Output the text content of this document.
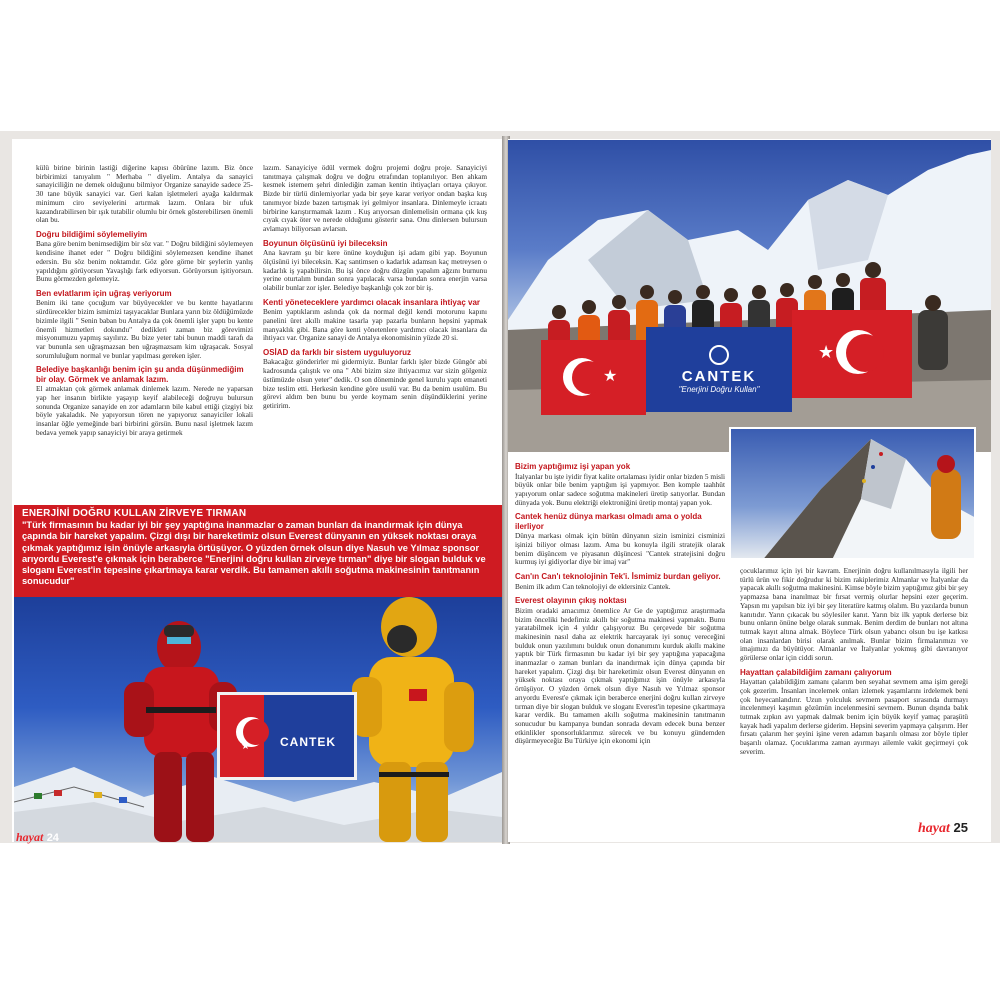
külü birine birinin lastiği diğerine kapısı öbürüne lazım. Biz önce birbirimizi tanıyalım " Merhaba " diyelim. Antalya da sanayici sanayiciliğin ne demek olduğunu bilmiyor Organize sanayide sadece 25- 30 tane büyük sanayici var. Geri kalan işletmeleri ayağa kaldırmak minimum ciro seviyelerini artırmak lazım. Onlara bir ufuk kazandırabilirsen bir ışık tutabilir olumlu bir örnek gösterebilirsen önemli olan bu.

Doğru bildiğimi söylemeliyim

Bana göre benim benimsediğim bir söz var. " Doğru bildiğini söylemeyen kendisine ihanet eder " Doğru bildiğini söylemezsen kendine ihanet edersin. Bu söz benim noktamdır. Göz göre görne bir şeylerin yanlış yapıldığını görüyorsun Yavaşlığı fark ediyorsun. Görüyorsun işitiyorsun. Bunu görmezden gelemeyiz.

Ben evlatlarım için uğraş veriyorum

Benim iki tane çocuğum var büyüyecekler ve bu kentte hayatlarını sürdürecekler bizim ismimizi taşıyacaklar Bunlara yarın biz öldüğümüzde bizimle ilgili " Senin baban bu Antalya da çok önemli işler yaptı bu kente önemli hizmetleri dokundu" dedikleri zaman biz görevimizi misyonumuzu yapmış sayılırız. Bu bize yeter tabi bunun maddi tarafı da var bununla sen uğraşmazsan ben uğraşmazsam kim uğraşacak. Sosyal sorumluluğum normal ve bunlar yapılması gereken işler.

Belediye başkanlığı benim için şu anda düşünmediğim bir olay. Görmek ve anlamak lazım.

El atmaktan çok görmek anlamak dinlemek lazım. Nerede ne yaparsan yap her insanın birlikte yaşayıp keyif alabileceği doğruyu bulursun sonunda Organize sanayide en zor adamların bile kabul ettiği çizgiyi biz böyle yakaladık. Ne yapıyorsun tören ne yapıyoruz sanayiciler lokali insanlar öğle yemeğinde bari birbirini görsün. Bunu nasıl işletmek lazım bedava yemek yapıp sanayiciyi bir araya getirmek

lazım. Sanayiciye ödül vermek doğru projemi doğru proje. Sanayiciyi tanıtmaya çalışmak doğru ve doğru etrafından toplanılıyor. Ben ahkam kesmek istemem şehri dinlediğin zaman kentin ihtiyaçları ortaya çıkıyor. Bizde bir türlü dinlemiyorlar yada bir şeye karar veriyor ondan başka kuş tanımıyor bizde bazen tartışmak iyi gelmiyor insanlara. Dinlemeyle icraatı birbirine karıştırmamak lazım . Kuş arıyorsan dinlemelisin ormana çık kuş cıyak cıyak öter ve nerede olduğunu gösterir sana. Onu dinlersen bulursun avlamayı biliyorsan avlarsın.

Boyunun ölçüsünü iyi bileceksin

Ana kavram şu bir kere önüne koyduğun işi adam gibi yap. Boyunun ölçüsünü iyi bileceksin. Kaç santimsen o kadarlık adamsın kaç metreysen o kadarlık iş yapabilirsin. Bu işi önce doğru düzgün yapalım ağzını burnunu yerine oturtalım bundan sonra yapılacak varsa bundan sonra enerjin varsa olabilir bunlar zor işler. Belediye başkanlığı çok zor bir iş.

Kenti yöneteceklere yardımcı olacak insanlara ihtiyaç var

Benim yaptıklarım aslında çok da normal değil kendi motorunu kapını panelini üret akıllı makine tasarla yap pazarla bunların hepsini yapmak manyaklık gibi. Bana göre kenti yönetenlere yardımcı olacak insanlara da ihtiyacı var. Organize sanayi de Antalya ekonomisinin yüzde 20 si.

OSİAD da farklı bir sistem uyguluyoruz

Bakacağız gönderirler mi gidermiyiz. Bunlar farklı işler bizde Güngör abi kadrosunda çalıştık ve ona " Abi bizim size ihtiyacımız var sizin gölgeniz üstümüzde olsun yeter" dedik. O son döneminde genel kurulu yaptı emaneti bize teslim etti. Herkesin kendine göre usulü var. Bu da benim usulüm. Bu görevi aldım ben bunu bu yerde koymam senin düşündüklerini yerine getiririm.

ENERJİNİ DOĞRU KULLAN ZİRVEYE TIRMAN
"Türk firmasının bu kadar iyi bir şey yaptığına inanmazlar o zaman bunları da inandırmak için dünya çapında bir hareket yapalım. Çizgi dışı bir hareketimiz olsun Everest dünyanın en yüksek noktası oraya çıkmak yaptığımız işin önüyle arkasıyla örtüşüyor. O yüzden örnek olsun diye Nasuh ve Yılmaz sponsor arıyordu Everest'e çıkmak için beraberce "Enerjini doğru kullan zirveye tırman" diye bir slogan bulduk ve sloganı Everest'in tepesine çıkartmaya karar verdik. Bu tamamen akıllı soğutma makinesinin tanıtmanın sonucudur"
★	CANTEK
hayat 24
★	CANTEK
"Enerjini Doğru Kullan"
★
Bizim yaptığımız işi yapan yok

İtalyanlar bu işte iyidir fiyat kalite ortalaması iyidir onlar bizden 5 misli büyük onlar bile benim yaptığım işi yapmıyor. Ben komple taahhüt yapıyorum onlar sadece soğutma makineleri üretip satıyorlar. Bundan dünyada yok. Bunu elektriği elektroniğini üretip montaj yapan yok.

Cantek henüz dünya markası olmadı ama o yolda ilerliyor

Dünya markası olmak için bütün dünyanın sizin isminizi cisminizi işinizi biliyor olması lazım. Ama bu konuyla ilgili stratejik olarak benim düşüncem ve piyasanın düşüncesi "Cantek stratejisini doğru kurmuş iyi gidiyorlar diye bir imaj var"

Can'ın Can'ı teknolojinin Tek'i. İsmimiz burdan geliyor.

Benim ilk adım Can teknolojiyi de eklersiniz Cantek.

Everest olayının çıkış noktası

Bizim oradaki amacımız önemlice Ar Ge de yaptığımız araştırmada bizim önceliki hedefimiz akıllı bir soğutma makinesi yapmaktı. Bunu yaratabilmek için 4 yıldır çalışıyoruz Bu çerçevede bir soğutma makinesinin nasıl daha az elektrik harcayarak iyi sonuç vereceğini bulduk onun yazılımını bulduk onun donanımını kurduk akıllı makine yaptık bir Türk firmasının bu kadar iyi bir şey yaptığına yapacağına inanmazlar o zaman bunları da inandırmak için dünya çapında bir hareket yapalım. Çizgi dışı bir hareketimiz olsun Everest dünyanın en yüksek noktası oraya çıkmak yaptığımız işin önüyle arkasıyla örtüşüyor. O yüzden örnek olsun diye Nasuh ve Yılmaz sponsor arıyordu Everest'e çıkmak için beraberce enerjini doğru kullan zirveye tırman diye bir slogan bulduk ve sloganı Everest'in tepesine çıkartmaya karar verdik. Bu tamamen akıllı soğutma makinesinin tanıtmanın sonucudur bu kampanya bundan sonrada devam edecek buna benzer etkinlikler sponsorluklarımız sürecek ve bu konuyu gündemden düşürmeyeceğiz Bu Türkiye için ekonomi için

çocuklarımız için iyi bir kavram. Enerjinin doğru kullanılmasıyla ilgili her türlü ürün ve fikir doğrudur ki bizim rakiplerimiz Almanlar ve İtalyanlar da yapacak akıllı soğutma makinesini. Kimse böyle bizim yaptığımız gibi bir şey yapmazsa bana inanılmaz bir fırsat vermiş olurlar hepsini ezer geçerim. Yapsın mı yapılsın biz iyi bir şey literatüre katmış olalım. Bu yazılarda bunun kanıtıdır. Yarın çıkacak bu söylesiler kanıt. Yarın biz ilk yaptık derlerse biz bunu onların önüne belge olarak sunmak. Benim derdim de bunları not altına tutmak kayıt altına almak. Böylece Türk olsun yabancı olsun bu işe katkısı olan insanlardan birisi olarak anılmak. Bunlar bizim firmalarımızı ve imajımızı da büyütüyor. Almanlar ve İtalyanlar yokmuş gibi davranıyor görülerse onlar için ciddi sorun.

Hayattan çalabildiğim zamanı çalıyorum

Hayattan çalabildiğim zamanı çalarım ben seyahat sevmem ama işim gereği çok gezerim. İnsanları incelemek onları izlemek yaşamlarını irdelemek beni çok heyecanlandırır. Uzun yolculuk sevmem pasaport sırasında durmayı incelenmeyi kaşımın gözümün incelenmesini sevmem. Bunun dışında balık tutmak zıpkın avı yapmak dalmak benim için büyük keyif yamaç paraşütü kayak hadi yapalım derlerse giderim. Hepsini severim yapmaya çalışırım. Her fırsatı çalarım her şeyini işine veren adamın başarılı olması zor böyle tipler başarılı olamaz. Çocuklarıma zaman ayırmayı ailemle vakit geçirmeyi çok severim.

hayat 25
